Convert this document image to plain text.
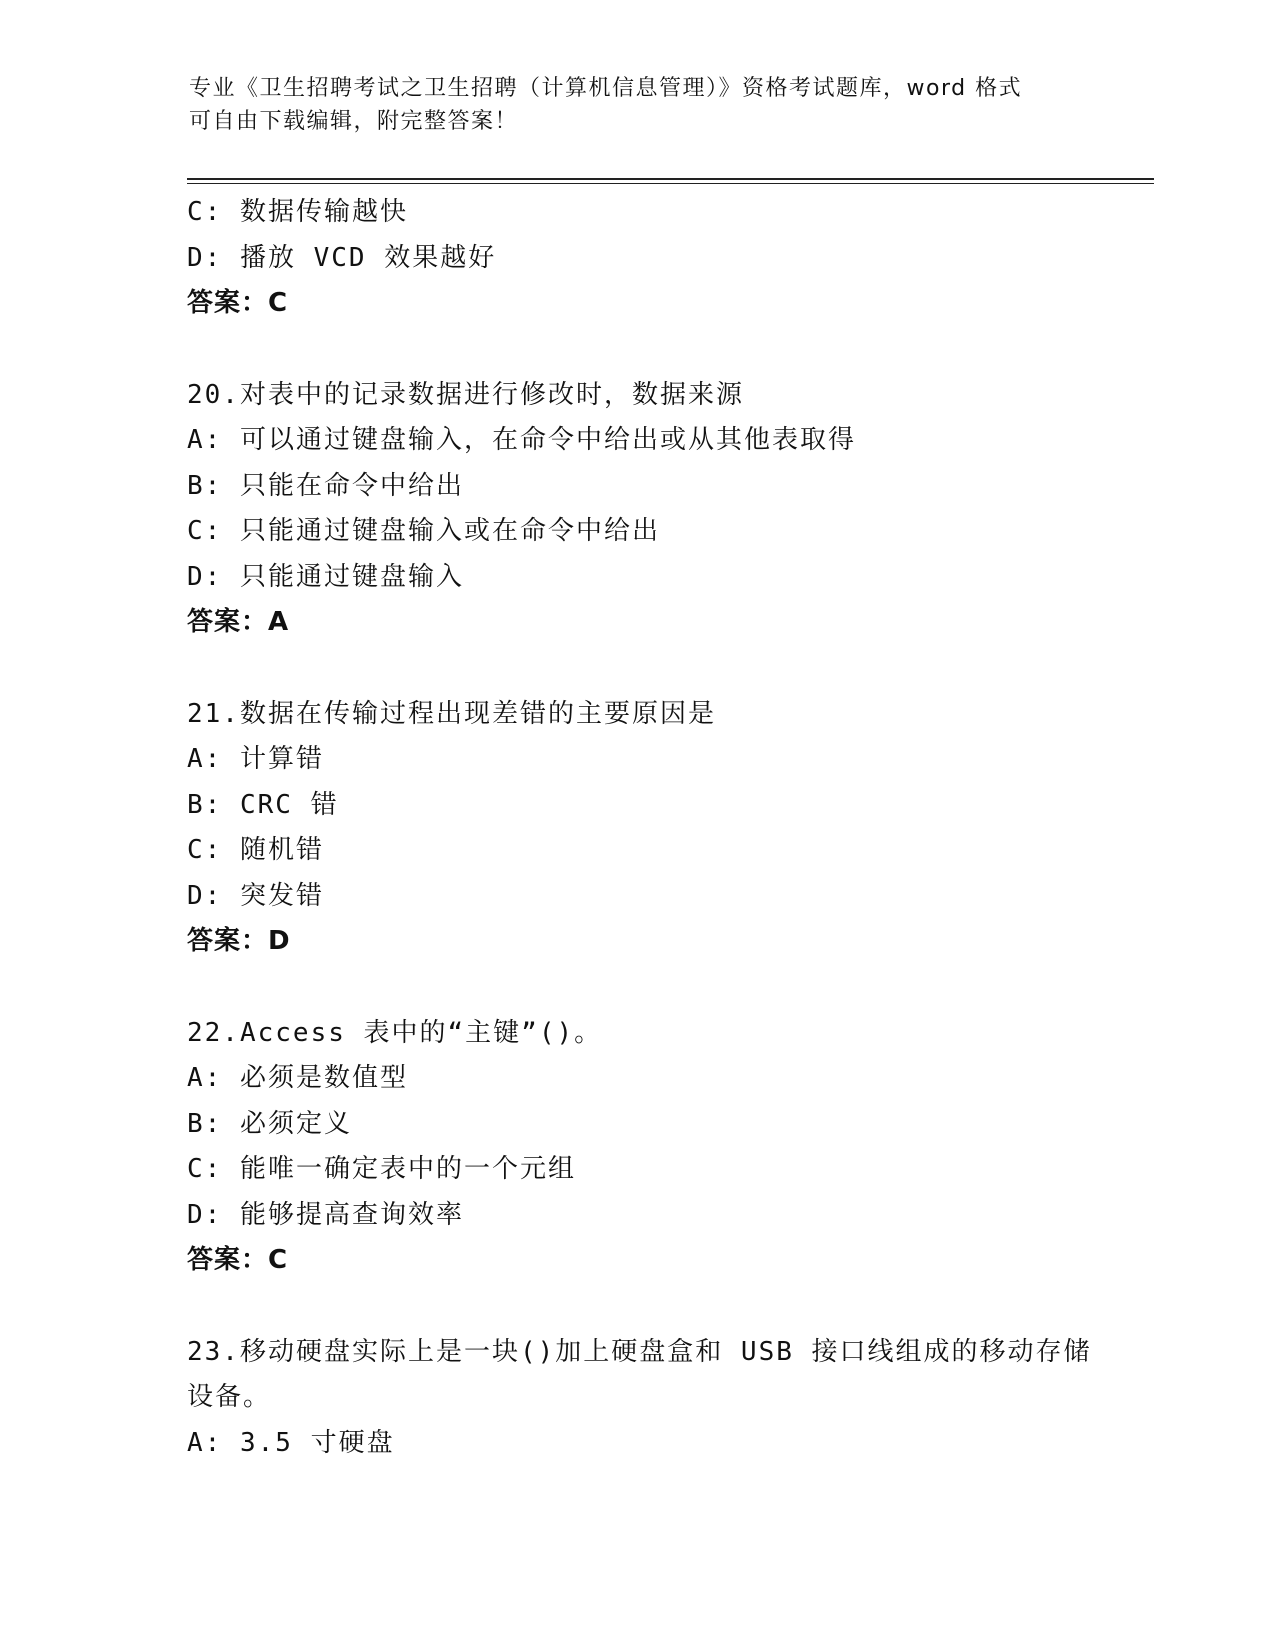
专业《卫生招聘考试之卫生招聘（计算机信息管理）》资格考试题库，word 格式
可自由下载编辑，附完整答案！
C: 数据传输越快
D: 播放 VCD 效果越好
答案：C
20.对表中的记录数据进行修改时，数据来源
A: 可以通过键盘输入，在命令中给出或从其他表取得
B: 只能在命令中给出
C: 只能通过键盘输入或在命令中给出
D: 只能通过键盘输入
答案：A
21.数据在传输过程出现差错的主要原因是
A: 计算错
B: CRC 错
C: 随机错
D: 突发错
答案：D
22.Access 表中的“主键”()。
A: 必须是数值型
B: 必须定义
C: 能唯一确定表中的一个元组
D: 能够提高查询效率
答案：C
23.移动硬盘实际上是一块()加上硬盘盒和 USB 接口线组成的移动存储
设备。
A: 3.5 寸硬盘
